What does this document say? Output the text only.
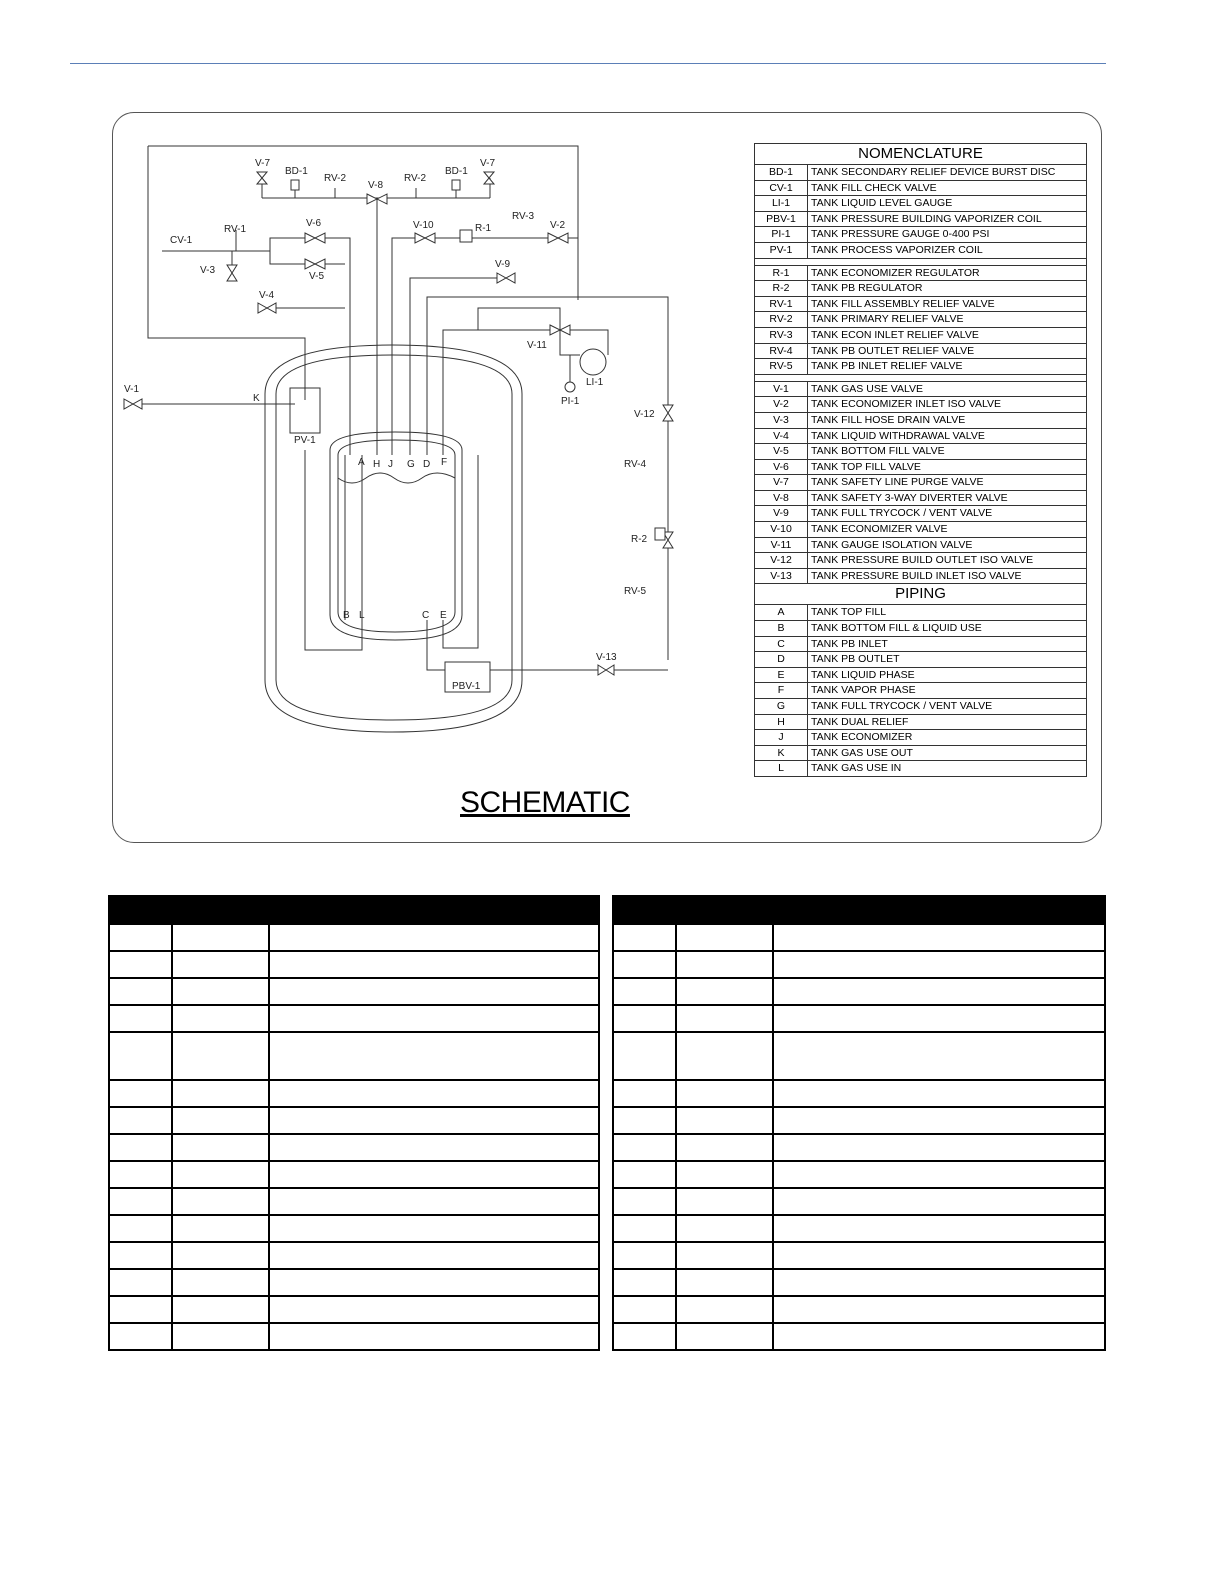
V-7
BD-1
RV-2
V-8
RV-2
BD-1
V-7
CV-1
RV-1
V-3
V-6
V-5
V-10	R-1
RV-3
V-2
V-9
V-4
V-11
LI-1
PI-1
V-1
K
PV-1
V-12
RV-4
R-2
RV-5
V-13
PBV-1
A H J G D F
B L	C E
NOMENCLATURE
BD-1	TANK SECONDARY RELIEF DEVICE BURST DISC
CV-1	TANK FILL CHECK VALVE
LI-1	TANK LIQUID LEVEL GAUGE
PBV-1	TANK PRESSURE BUILDING VAPORIZER COIL
PI-1	TANK PRESSURE GAUGE 0-400 PSI
PV-1	TANK PROCESS VAPORIZER COIL
R-1	TANK ECONOMIZER REGULATOR
R-2	TANK PB REGULATOR
RV-1	TANK FILL ASSEMBLY RELIEF VALVE
RV-2	TANK PRIMARY RELIEF VALVE
RV-3	TANK ECON INLET RELIEF VALVE
RV-4	TANK PB OUTLET RELIEF VALVE
RV-5	TANK PB INLET RELIEF VALVE
V-1	TANK GAS USE VALVE
V-2	TANK ECONOMIZER INLET ISO VALVE
V-3	TANK FILL HOSE DRAIN VALVE
V-4	TANK LIQUID WITHDRAWAL VALVE
V-5	TANK BOTTOM FILL VALVE
V-6	TANK TOP FILL VALVE
V-7	TANK SAFETY LINE PURGE VALVE
V-8	TANK SAFETY 3-WAY DIVERTER VALVE
V-9	TANK FULL TRYCOCK / VENT VALVE
V-10	TANK ECONOMIZER VALVE
V-11	TANK GAUGE ISOLATION VALVE
V-12	TANK PRESSURE BUILD OUTLET ISO VALVE
V-13	TANK PRESSURE BUILD INLET ISO VALVE
PIPING
A	TANK TOP FILL
B	TANK BOTTOM FILL & LIQUID USE
C	TANK PB INLET
D	TANK PB OUTLET
E	TANK LIQUID PHASE
F	TANK VAPOR PHASE
G	TANK FULL TRYCOCK / VENT VALVE
H	TANK DUAL RELIEF
J	TANK ECONOMIZER
K	TANK GAS USE OUT
L	TANK GAS USE IN
SCHEMATIC
